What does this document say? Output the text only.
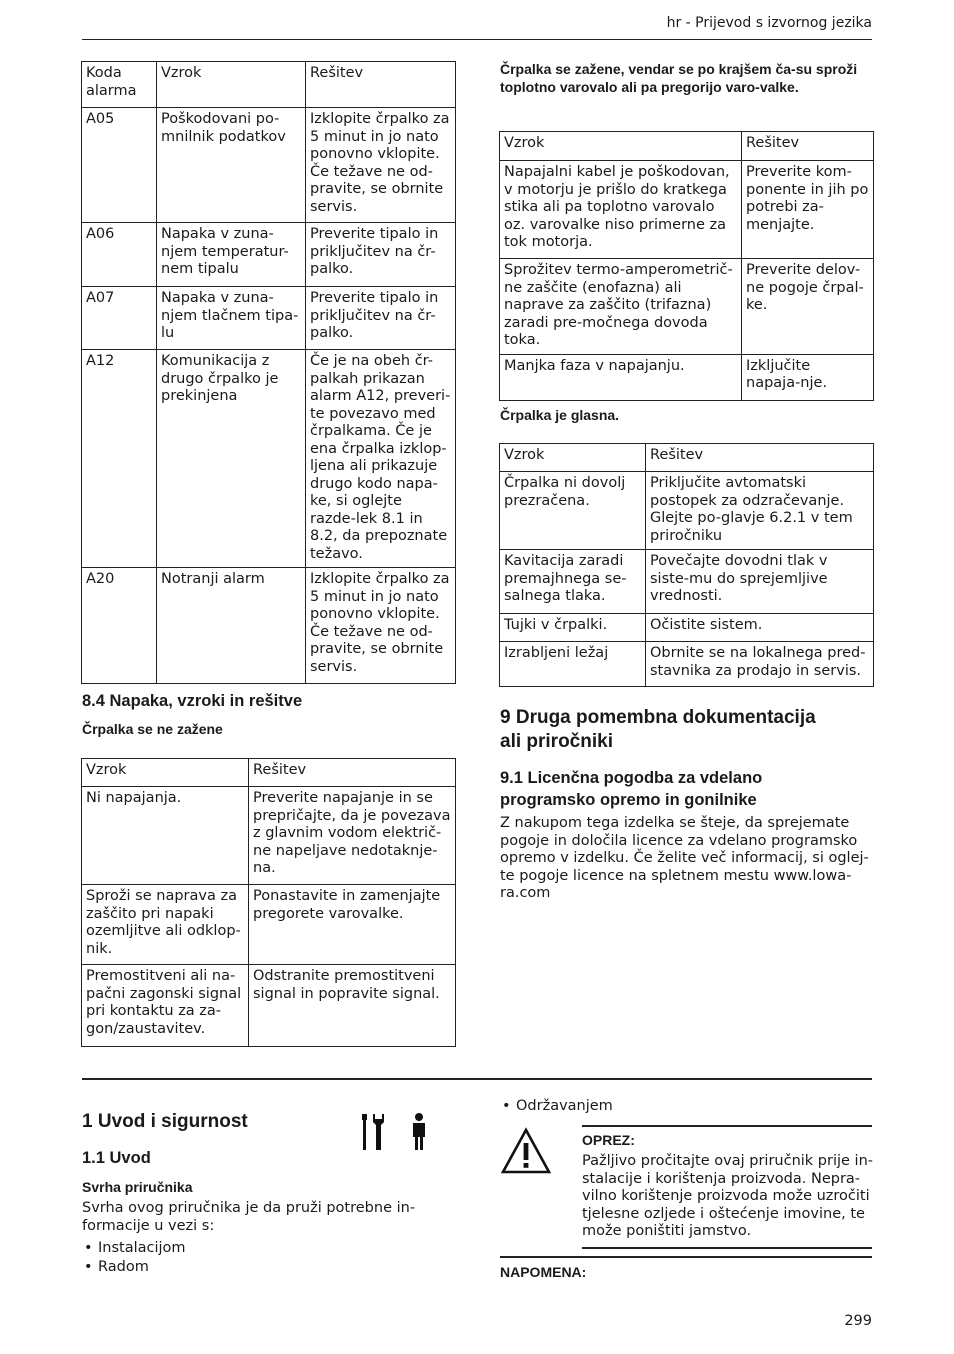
hr - Prijevod s izvornog jezika
Koda alarma	Vzrok	Rešitev
A05	Poškodovani po-mnilnik podatkov	Izklopite črpalko za 5 minut in jo nato ponovno vklopite. Če težave ne od-pravite, se obrnite servis.
A06	Napaka v zuna-njem temperatur-nem tipalu	Preverite tipalo in priključitev na čr-palko.
A07	Napaka v zuna-njem tlačnem tipa-lu	Preverite tipalo in priključitev na čr-palko.
A12	Komunikacija z drugo črpalko je prekinjena	Če je na obeh čr-palkah prikazan alarm A12, preveri-te povezavo med črpalkama. Če je ena črpalka izklop-ljena ali prikazuje drugo kodo napa-ke, si oglejte razde-lek 8.1 in 8.2, da prepoznate težavo.
A20	Notranji alarm	Izklopite črpalko za 5 minut in jo nato ponovno vklopite. Če težave ne od-pravite, se obrnite servis.
8.4 Napaka, vzroki in rešitve
Črpalka se ne zažene
Vzrok	Rešitev
Ni napajanja.	Preverite napajanje in se prepričajte, da je povezava z glavnim vodom električ-ne napeljave nedotaknje-na.
Sproži se naprava za zaščito pri napaki ozemljitve ali odklop-nik.	Ponastavite in zamenjajte pregorete varovalke.
Premostitveni ali na-pačni zagonski signal pri kontaktu za za-gon/zaustavitev.	Odstranite premostitveni signal in popravite signal.
Črpalka se zažene, vendar se po krajšem ča-su sproži toplotno varovalo ali pa pregorijo varo-valke.
Vzrok	Rešitev
Napajalni kabel je poškodovan, v motorju je prišlo do kratkega stika ali pa toplotno varovalo oz. varovalke niso primerne za tok motorja.	Preverite kom-ponente in jih po potrebi za-menjajte.
Sprožitev termo-amperometrič-ne zaščite (enofazna) ali naprave za zaščito (trifazna) zaradi pre-močnega dovoda toka.	Preverite delov-ne pogoje črpal-ke.
Manjka faza v napajanju.	Izključite napaja-nje.
Črpalka je glasna.
Vzrok	Rešitev
Črpalka ni dovolj prezračena.	Priključite avtomatski postopek za odzračevanje. Glejte po-glavje 6.2.1 v tem priročniku
Kavitacija zaradi premajhnega se-salnega tlaka.	Povečajte dovodni tlak v siste-mu do sprejemljive vrednosti.
Tujki v črpalki.	Očistite sistem.
Izrabljeni ležaj	Obrnite se na lokalnega pred-stavnika za prodajo in servis.
9 Druga pomembna dokumentacija
ali priročniki
9.1 Licenčna pogodba za vdelano
programsko opremo in gonilnike
Z nakupom tega izdelka se šteje, da sprejemate
pogoje in določila licence za vdelano programsko
opremo v izdelku. Če želite več informacij, si oglej-
te pogoje licence na spletnem mestu www.lowa-
ra.com
1 Uvod i sigurnost
1.1 Uvod
Svrha priručnika
Svrha ovog priručnika je da pruži potrebne in-
formacije u vezi s:
• Instalacijom
• Radom
• Održavanjem
OPREZ:
Pažljivo pročitajte ovaj priručnik prije in-
stalacije i korištenja proizvoda. Nepra-
vilno korištenje proizvoda može uzročiti
tjelesne ozljede i oštećenje imovine, te
može poništiti jamstvo.
NAPOMENA:
299
